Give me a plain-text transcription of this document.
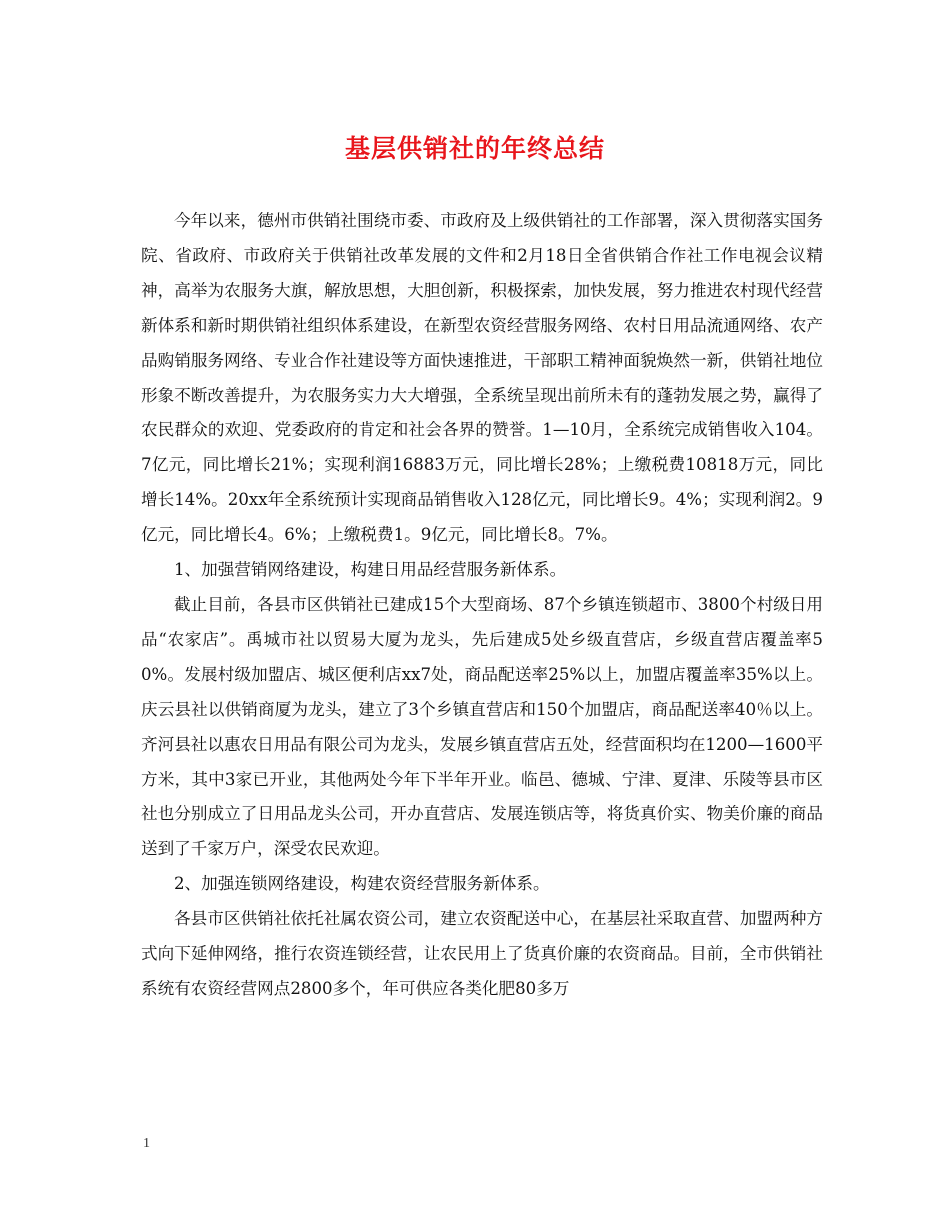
基层供销社的年终总结

今年以来，德州市供销社围绕市委、市政府及上级供销社的工作部署，深入贯彻落实国务院、省政府、市政府关于供销社改革发展的文件和2月18日全省供销合作社工作电视会议精神，高举为农服务大旗，解放思想，大胆创新，积极探索，加快发展，努力推进农村现代经营新体系和新时期供销社组织体系建设，在新型农资经营服务网络、农村日用品流通网络、农产品购销服务网络、专业合作社建设等方面快速推进，干部职工精神面貌焕然一新，供销社地位形象不断改善提升，为农服务实力大大增强，全系统呈现出前所未有的蓬勃发展之势，赢得了农民群众的欢迎、党委政府的肯定和社会各界的赞誉。1—10月，全系统完成销售收入104。7亿元，同比增长21%；实现利润16883万元，同比增长28%；上缴税费10818万元，同比增长14%。20xx年全系统预计实现商品销售收入128亿元，同比增长9。4%；实现利润2。9亿元，同比增长4。6%；上缴税费1。9亿元，同比增长8。7%。

1、加强营销网络建设，构建日用品经营服务新体系。

截止目前，各县市区供销社已建成15个大型商场、87个乡镇连锁超市、3800个村级日用品“农家店”。禹城市社以贸易大厦为龙头，先后建成5处乡级直营店，乡级直营店覆盖率50%。发展村级加盟店、城区便利店xx7处，商品配送率25%以上，加盟店覆盖率35%以上。庆云县社以供销商厦为龙头，建立了3个乡镇直营店和150个加盟店，商品配送率40％以上。齐河县社以惠农日用品有限公司为龙头，发展乡镇直营店五处，经营面积均在1200—1600平方米，其中3家已开业，其他两处今年下半年开业。临邑、德城、宁津、夏津、乐陵等县市区社也分别成立了日用品龙头公司，开办直营店、发展连锁店等，将货真价实、物美价廉的商品送到了千家万户，深受农民欢迎。

2、加强连锁网络建设，构建农资经营服务新体系。

各县市区供销社依托社属农资公司，建立农资配送中心，在基层社采取直营、加盟两种方式向下延伸网络，推行农资连锁经营，让农民用上了货真价廉的农资商品。目前，全市供销社系统有农资经营网点2800多个，年可供应各类化肥80多万

1
